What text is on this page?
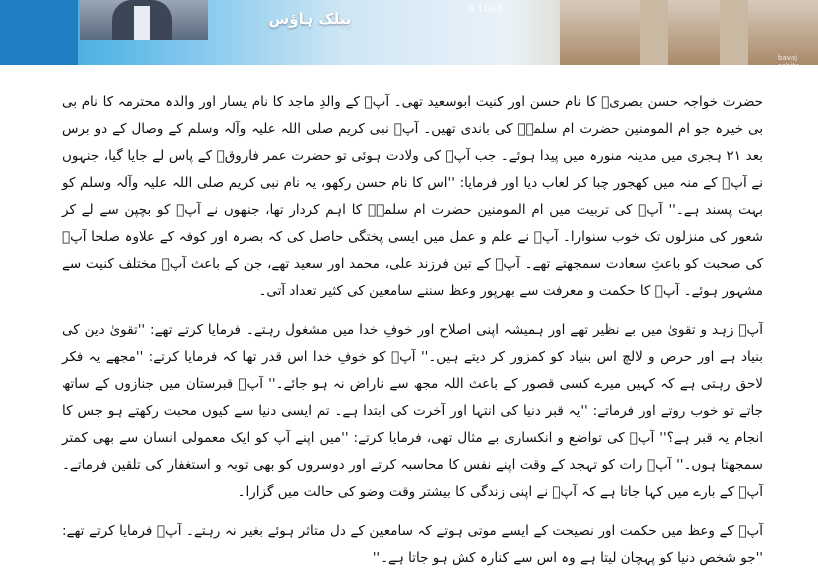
پبلک ہاؤس
8 1005
bavaj sabita

حضرت خواجہ حسن بصریؒ کا نام حسن اور کنیت ابوسعید تھی۔ آپؒ کے والدِ ماجد کا نام یسار اور والدہ محترمہ کا نام بی بی خیرہ جو ام المومنین حضرت ام سلمہؓ کی باندی تھیں۔ آپؒ نبی کریم صلی اللہ علیہ وآلہ وسلم کے وصال کے دو برس بعد ۲۱ ہجری میں مدینہ منورہ میں پیدا ہوئے۔ جب آپؒ کی ولادت ہوئی تو حضرت عمر فاروقؓ کے پاس لے جایا گیا، جنہوں نے آپؒ کے منہ میں کھجور چبا کر لعاب دیا اور فرمایا: ''اس کا نام حسن رکھو، یہ نام نبی کریم صلی اللہ علیہ وآلہ وسلم کو بہت پسند ہے۔'' آپؒ کی تربیت میں ام المومنین حضرت ام سلمہؓ کا اہم کردار تھا، جنھوں نے آپؒ کو بچپن سے لے کر شعور کی منزلوں تک خوب سنوارا۔ آپؒ نے علم و عمل میں ایسی پختگی حاصل کی کہ بصرہ اور کوفہ کے علاوہ صلحا آپؒ کی صحبت کو باعثِ سعادت سمجھتے تھے۔ آپؒ کے تین فرزند علی، محمد اور سعید تھے، جن کے باعث آپؒ مختلف کنیت سے مشہور ہوئے۔ آپؒ کا حکمت و معرفت سے بھرپور وعظ سننے سامعین کی کثیر تعداد آتی۔

آپؒ زہد و تقویٰ میں بے نظیر تھے اور ہمیشہ اپنی اصلاح اور خوفِ خدا میں مشغول رہتے۔ فرمایا کرتے تھے: ''تقویٰ دین کی بنیاد ہے اور حرص و لالچ اس بنیاد کو کمزور کر دیتے ہیں۔'' آپؒ کو خوفِ خدا اس قدر تھا کہ فرمایا کرتے: ''مجھے یہ فکر لاحق رہتی ہے کہ کہیں میرے کسی قصور کے باعث اللہ مجھ سے ناراض نہ ہو جائے۔'' آپؒ قبرستان میں جنازوں کے ساتھ جاتے تو خوب روتے اور فرماتے: ''یہ قبر دنیا کی انتہا اور آخرت کی ابتدا ہے۔ تم ایسی دنیا سے کیوں محبت رکھتے ہو جس کا انجام یہ قبر ہے؟'' آپؒ کی تواضع و انکساری بے مثال تھی، فرمایا کرتے: ''میں اپنے آپ کو ایک معمولی انسان سے بھی کمتر سمجھتا ہوں۔'' آپؒ رات کو تہجد کے وقت اپنے نفس کا محاسبہ کرتے اور دوسروں کو بھی توبہ و استغفار کی تلقین فرماتے۔ آپؒ کے بارے میں کہا جاتا ہے کہ آپؒ نے اپنی زندگی کا بیشتر وقت وضو کی حالت میں گزارا۔

آپؒ کے وعظ میں حکمت اور نصیحت کے ایسے موتی ہوتے کہ سامعین کے دل متاثر ہوئے بغیر نہ رہتے۔ آپؒ فرمایا کرتے تھے: ''جو شخص دنیا کو پہچان لیتا ہے وہ اس سے کنارہ کش ہو جاتا ہے۔''
